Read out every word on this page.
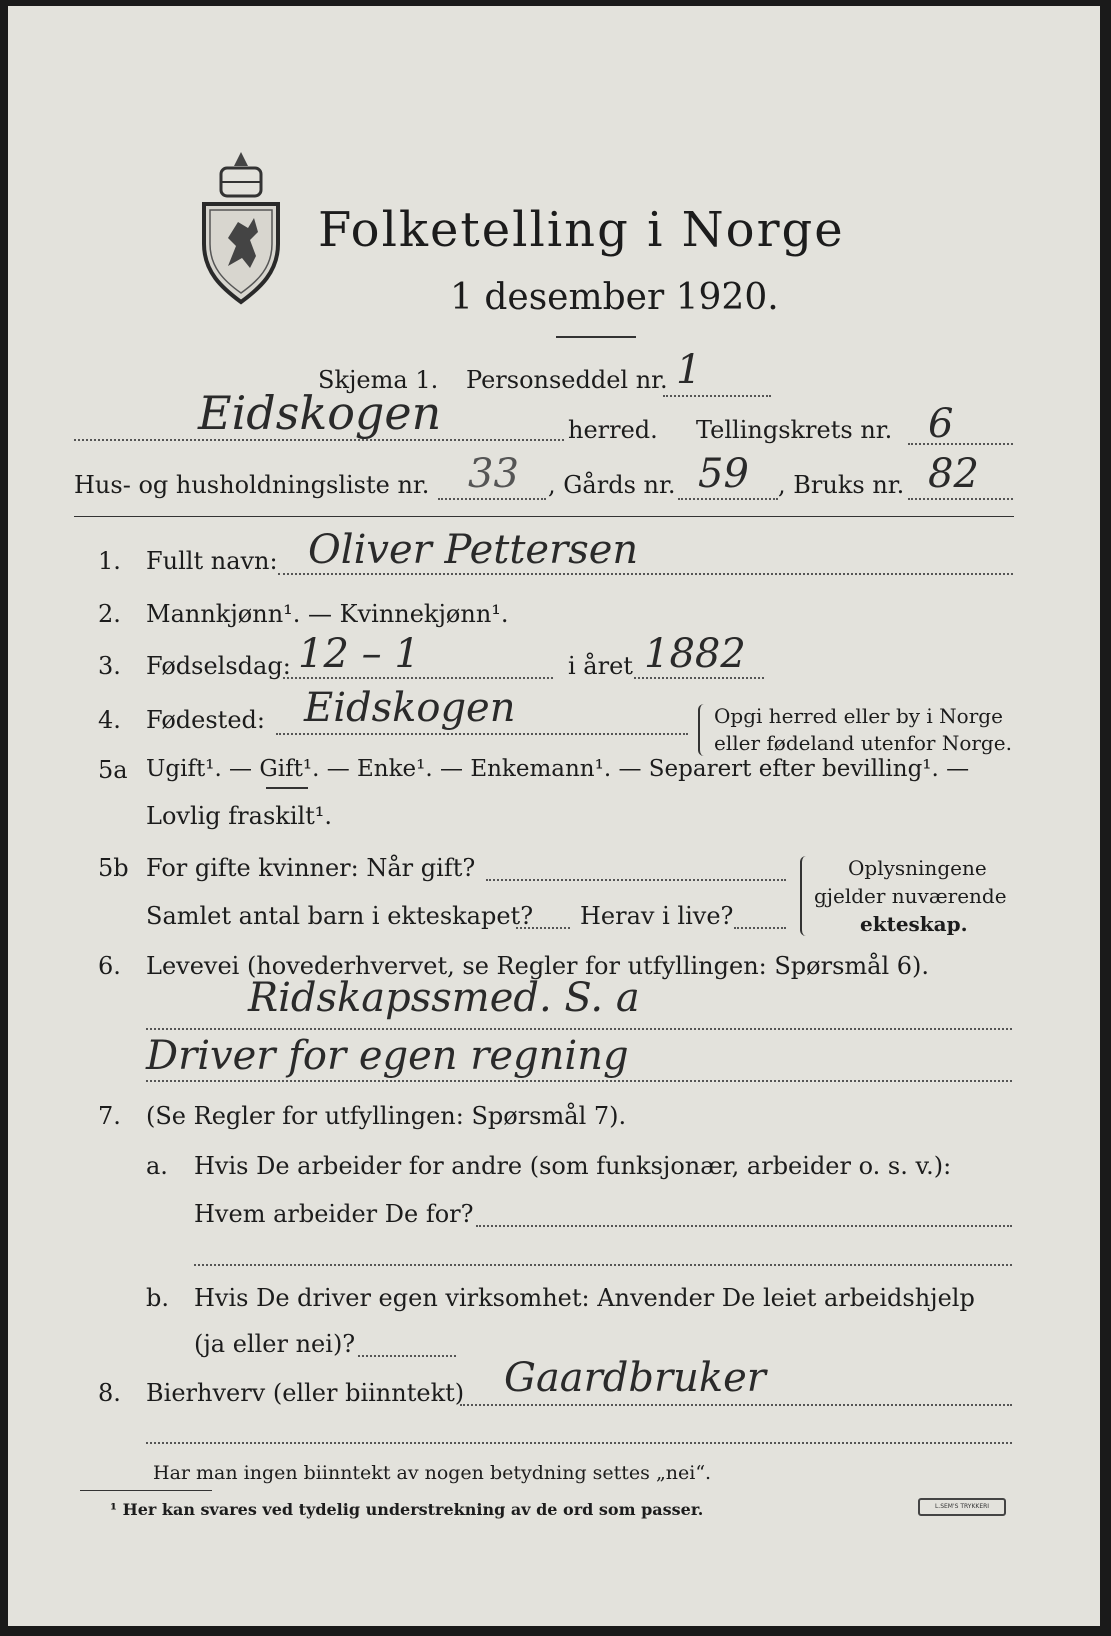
Folketelling i Norge
1 desember 1920.
Skjema 1. Personseddel nr. 1
Eidskogen	herred. Tellingskrets nr. 6
Hus- og husholdningsliste nr. 33 , Gårds nr. 59 , Bruks nr. 82
1. Fullt navn: Oliver Pettersen
2. Mannkjønn¹. — Kvinnekjønn¹.
3. Fødselsdag: 12 – 1	i året 1882
4. Fødested: Eidskogen	Opgi herred eller by i Norge
eller fødeland utenfor Norge.
5a Ugift¹. — Gift¹. — Enke¹. — Enkemann¹. — Separert efter bevilling¹. —
Lovlig fraskilt¹.
5b For gifte kvinner: Når gift?
Samlet antal barn i ekteskapet? Herav i live?
Oplysningene
gjelder nuværende
ekteskap.
6. Levevei (hovederhvervet, se Regler for utfyllingen: Spørsmål 6).
Ridskapssmed. S. a
Driver for egen regning
7. (Se Regler for utfyllingen: Spørsmål 7).
a. Hvis De arbeider for andre (som funksjonær, arbeider o. s. v.):
Hvem arbeider De for?
b. Hvis De driver egen virksomhet: Anvender De leiet arbeidshjelp
(ja eller nei)?
8. Bierhverv (eller biinntekt) Gaardbruker
Har man ingen biinntekt av nogen betydning settes „nei“.
¹ Her kan svares ved tydelig understrekning av de ord som passer.	L.SEM'S TRYKKERI
